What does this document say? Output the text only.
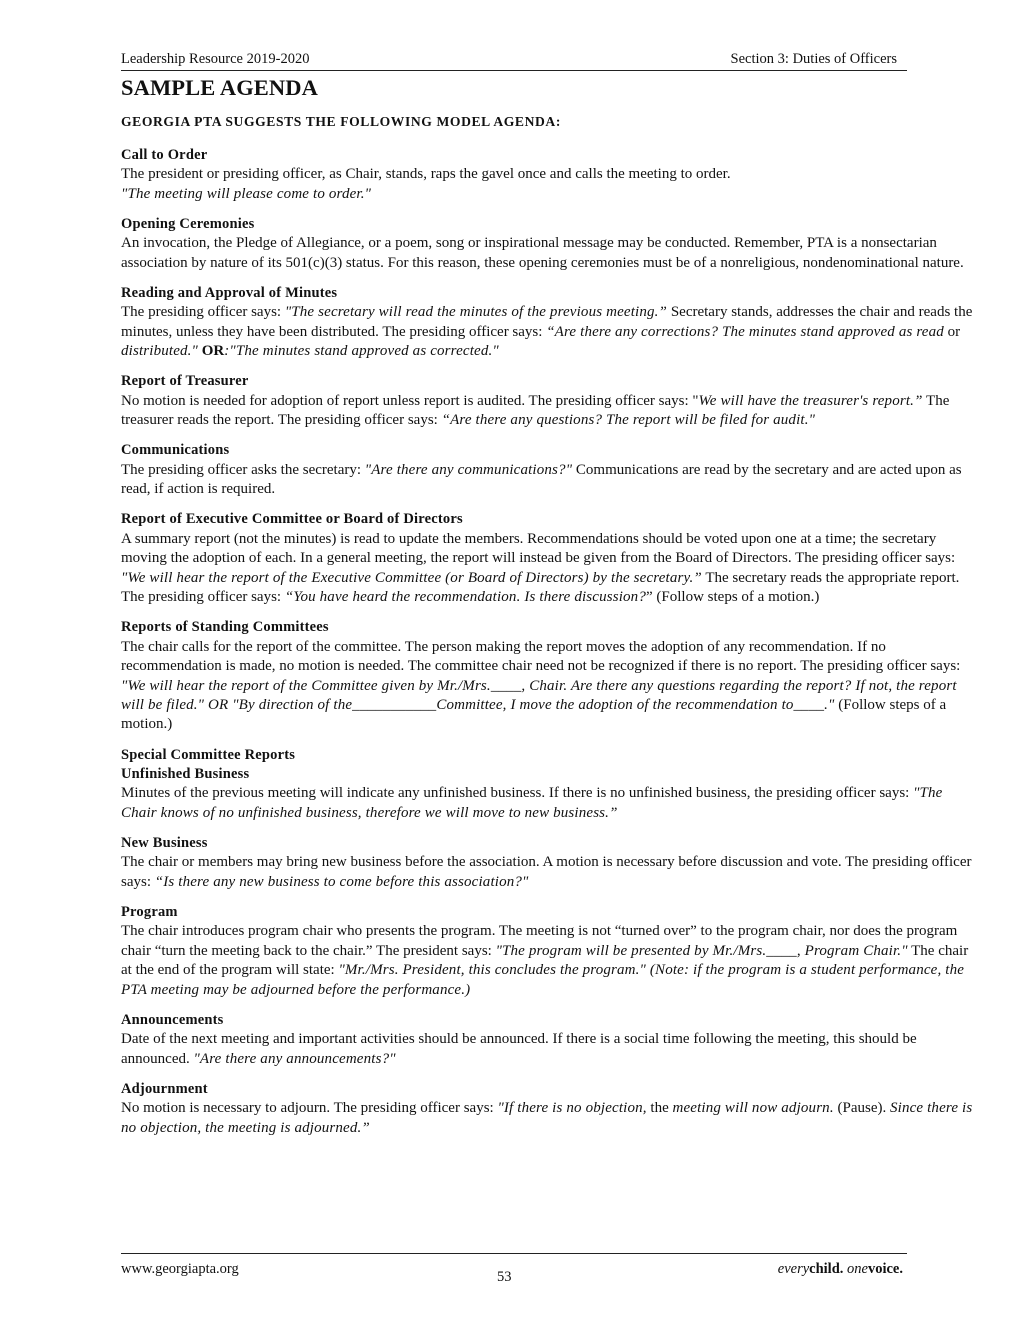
Leadership Resource 2019-2020	Section 3: Duties of Officers
SAMPLE AGENDA
GEORGIA PTA SUGGESTS THE FOLLOWING MODEL AGENDA:
Call to Order

The president or presiding officer, as Chair, stands, raps the gavel once and calls the meeting to order.
"The meeting will please come to order."

Opening Ceremonies

An invocation, the Pledge of Allegiance, or a poem, song or inspirational message may be conducted. Remember, PTA is a nonsectarian association by nature of its 501(c)(3) status. For this reason, these opening ceremonies must be of a nonreligious, nondenominational nature.

Reading and Approval of Minutes

The presiding officer says: "The secretary will read the minutes of the previous meeting.” Secretary stands, addresses the chair and reads the minutes, unless they have been distributed. The presiding officer says: “Are there any corrections? The minutes stand approved as read or distributed." OR:"The minutes stand approved as corrected."

Report of Treasurer

No motion is needed for adoption of report unless report is audited. The presiding officer says: "We will have the treasurer's report.” The treasurer reads the report. The presiding officer says: “Are there any questions? The report will be filed for audit."

Communications

The presiding officer asks the secretary: "Are there any communications?" Communications are read by the secretary and are acted upon as read, if action is required.

Report of Executive Committee or Board of Directors

A summary report (not the minutes) is read to update the members. Recommendations should be voted upon one at a time; the secretary moving the adoption of each. In a general meeting, the report will instead be given from the Board of Directors. The presiding officer says: "We will hear the report of the Executive Committee (or Board of Directors) by the secretary.” The secretary reads the appropriate report. The presiding officer says: “You have heard the recommendation. Is there discussion?” (Follow steps of a motion.)

Reports of Standing Committees

The chair calls for the report of the committee. The person making the report moves the adoption of any recommendation. If no recommendation is made, no motion is needed. The committee chair need not be recognized if there is no report. The presiding officer says: "We will hear the report of the Committee given by Mr./Mrs.____, Chair. Are there any questions regarding the report? If not, the report will be filed." OR "By direction of the___________Committee, I move the adoption of the recommendation to____." (Follow steps of a motion.)

Special Committee Reports
Unfinished Business

Minutes of the previous meeting will indicate any unfinished business. If there is no unfinished business, the presiding officer says: "The Chair knows of no unfinished business, therefore we will move to new business.”

New Business

The chair or members may bring new business before the association. A motion is necessary before discussion and vote. The presiding officer says: “Is there any new business to come before this association?"

Program

The chair introduces program chair who presents the program. The meeting is not “turned over” to the program chair, nor does the program chair “turn the meeting back to the chair.” The president says: "The program will be presented by Mr./Mrs.____, Program Chair." The chair at the end of the program will state: "Mr./Mrs. President, this concludes the program." (Note: if the program is a student performance, the PTA meeting may be adjourned before the performance.)

Announcements

Date of the next meeting and important activities should be announced. If there is a social time following the meeting, this should be announced. "Are there any announcements?"

Adjournment

No motion is necessary to adjourn. The presiding officer says: "If there is no objection, the meeting will now adjourn. (Pause). Since there is no objection, the meeting is adjourned.”

www.georgiapta.org	53	everychild. onevoice.
